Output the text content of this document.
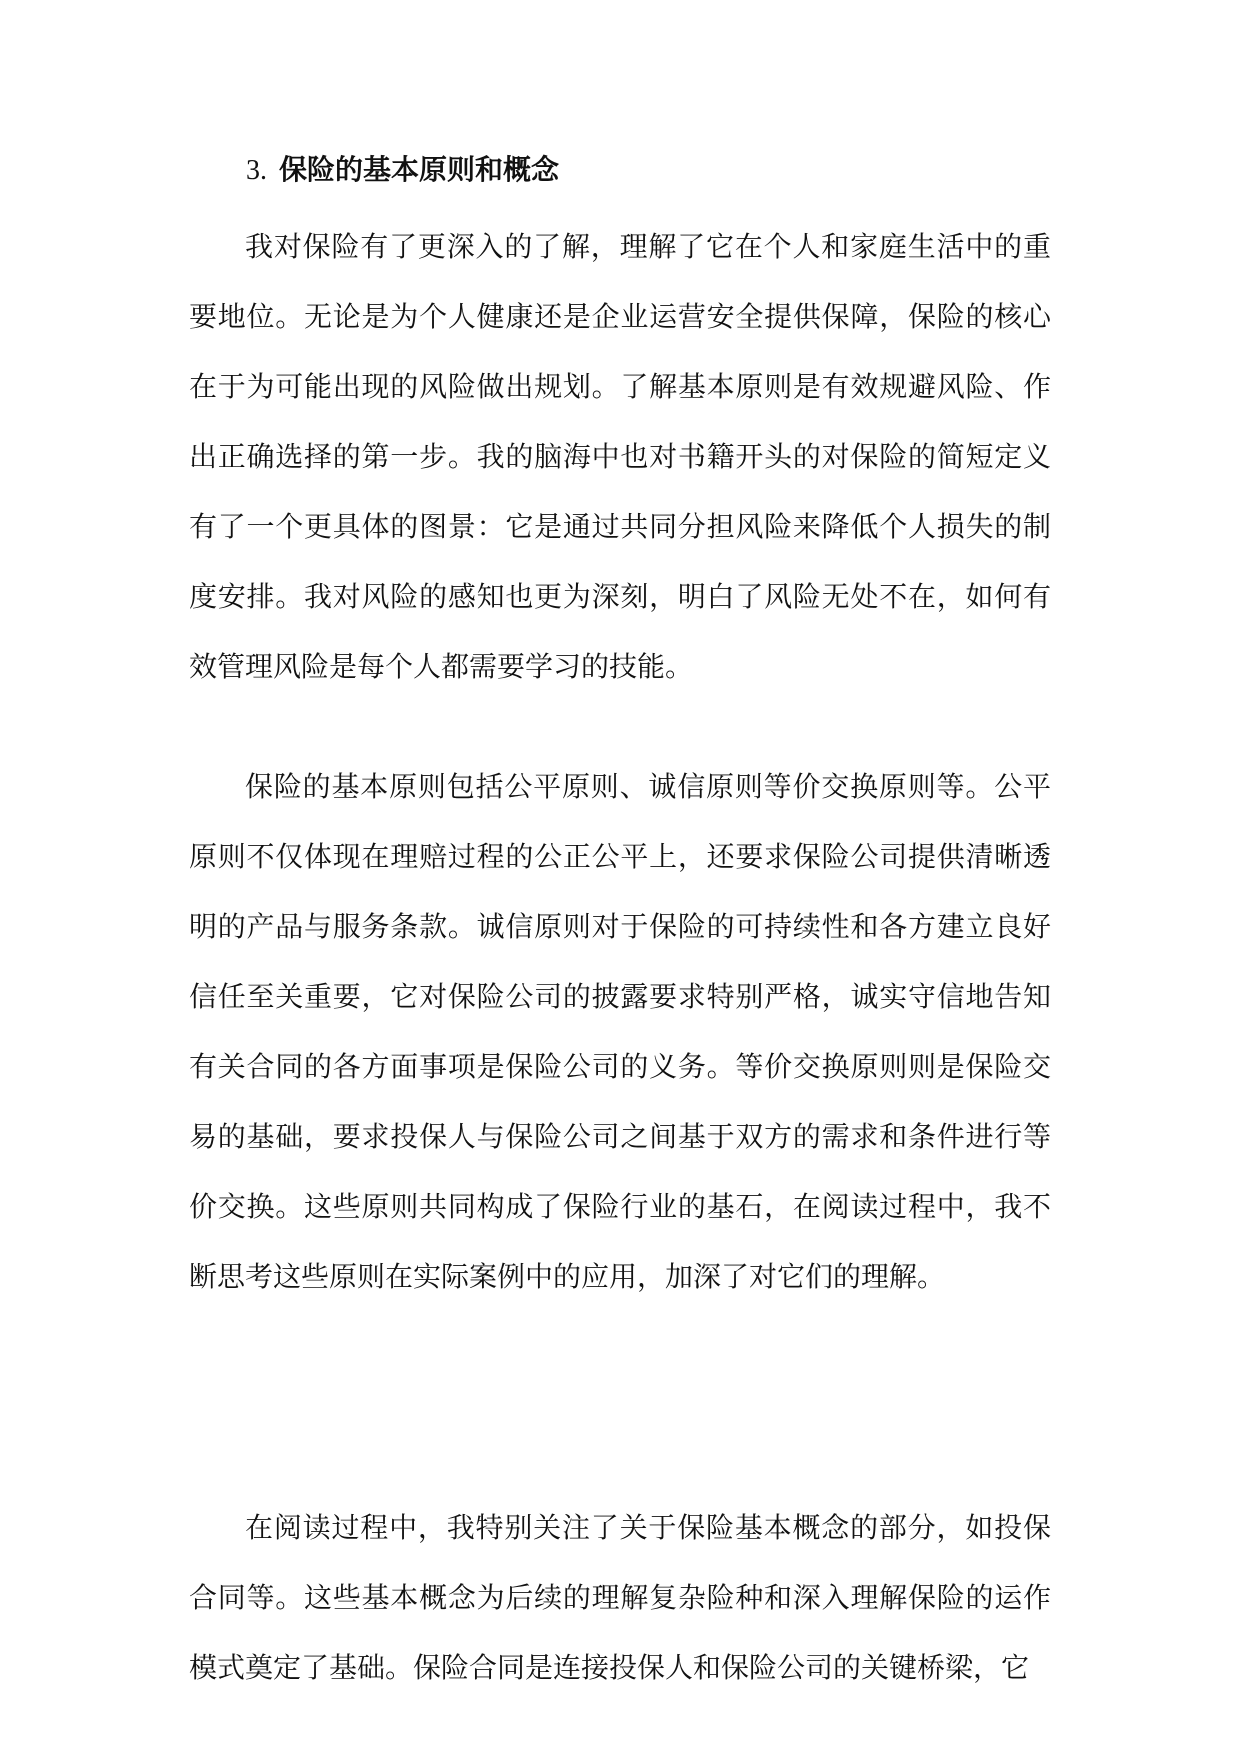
3. 保险的基本原则和概念

我对保险有了更深入的了解，理解了它在个人和家庭生活中的重要地位。无论是为个人健康还是企业运营安全提供保障，保险的核心在于为可能出现的风险做出规划。了解基本原则是有效规避风险、作出正确选择的第一步。我的脑海中也对书籍开头的对保险的简短定义有了一个更具体的图景：它是通过共同分担风险来降低个人损失的制度安排。我对风险的感知也更为深刻，明白了风险无处不在，如何有效管理风险是每个人都需要学习的技能。

保险的基本原则包括公平原则、诚信原则等价交换原则等。公平原则不仅体现在理赔过程的公正公平上，还要求保险公司提供清晰透明的产品与服务条款。诚信原则对于保险的可持续性和各方建立良好信任至关重要，它对保险公司的披露要求特别严格，诚实守信地告知有关合同的各方面事项是保险公司的义务。等价交换原则则是保险交易的基础，要求投保人与保险公司之间基于双方的需求和条件进行等价交换。这些原则共同构成了保险行业的基石，在阅读过程中，我不断思考这些原则在实际案例中的应用，加深了对它们的理解。

在阅读过程中，我特别关注了关于保险基本概念的部分，如投保合同等。这些基本概念为后续的理解复杂险种和深入理解保险的运作模式奠定了基础。保险合同是连接投保人和保险公司的关键桥梁，它
